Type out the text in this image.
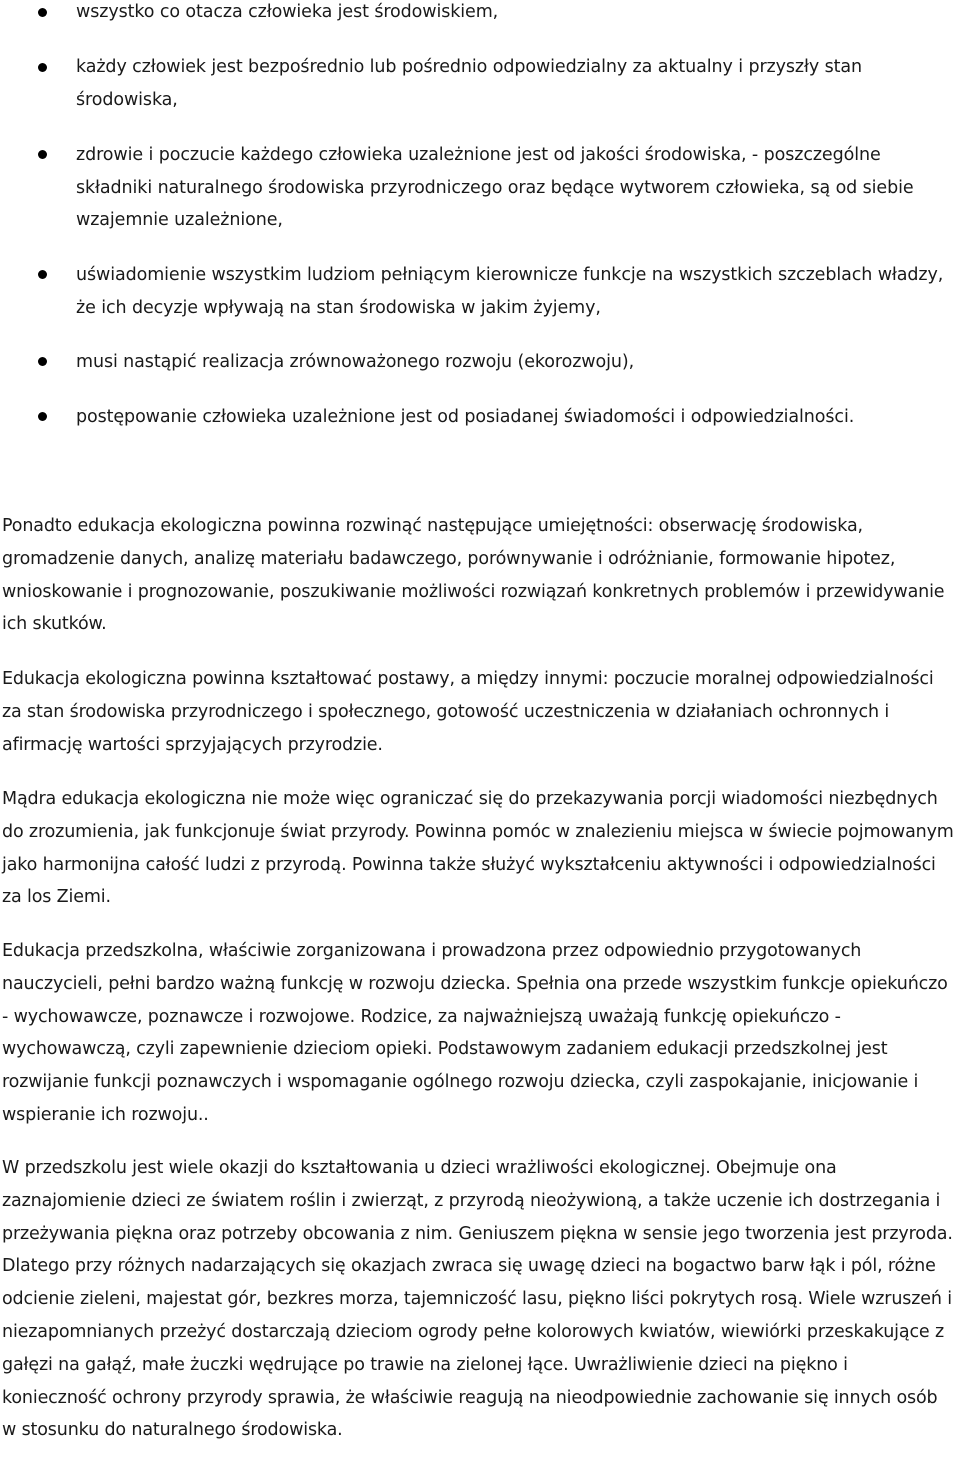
wszystko co otacza człowieka jest środowiskiem,
każdy człowiek jest bezpośrednio lub pośrednio odpowiedzialny za aktualny i przyszły stan środowiska,
zdrowie i poczucie każdego człowieka uzależnione jest od jakości środowiska, - poszczególne składniki naturalnego środowiska przyrodniczego oraz będące wytworem człowieka, są od siebie wzajemnie uzależnione,
uświadomienie wszystkim ludziom pełniącym kierownicze funkcje na wszystkich szczeblach władzy, że ich decyzje wpływają na stan środowiska w jakim żyjemy,
musi nastąpić realizacja zrównoważonego rozwoju (ekorozwoju),
postępowanie człowieka uzależnione jest od posiadanej świadomości i odpowiedzialności.

Ponadto edukacja ekologiczna powinna rozwinąć następujące umiejętności: obserwację środowiska, gromadzenie danych, analizę materiału badawczego, porównywanie i odróżnianie, formowanie hipotez, wnioskowanie i prognozowanie, poszukiwanie możliwości rozwiązań konkretnych problemów i przewidywanie ich skutków.

Edukacja ekologiczna powinna kształtować postawy, a między innymi: poczucie moralnej odpowiedzialności za stan środowiska przyrodniczego i społecznego, gotowość uczestniczenia w działaniach ochronnych i afirmację wartości sprzyjających przyrodzie.

Mądra edukacja ekologiczna nie może więc ograniczać się do przekazywania porcji wiadomości niezbędnych do zrozumienia, jak funkcjonuje świat przyrody. Powinna pomóc w znalezieniu miejsca w świecie pojmowanym jako harmonijna całość ludzi z przyrodą. Powinna także służyć wykształceniu aktywności i odpowiedzialności za los Ziemi.

Edukacja przedszkolna, właściwie zorganizowana i prowadzona przez odpowiednio przygotowanych nauczycieli, pełni bardzo ważną funkcję w rozwoju dziecka. Spełnia ona przede wszystkim funkcje opiekuńczo - wychowawcze, poznawcze i rozwojowe. Rodzice, za najważniejszą uważają funkcję opiekuńczo - wychowawczą, czyli zapewnienie dzieciom opieki. Podstawowym zadaniem edukacji przedszkolnej jest rozwijanie funkcji poznawczych i wspomaganie ogólnego rozwoju dziecka, czyli zaspokajanie, inicjowanie i wspieranie ich rozwoju..

W przedszkolu jest wiele okazji do kształtowania u dzieci wrażliwości ekologicznej. Obejmuje ona zaznajomienie dzieci ze światem roślin i zwierząt, z przyrodą nieożywioną, a także uczenie ich dostrzegania i przeżywania piękna oraz potrzeby obcowania z nim. Geniuszem piękna w sensie jego tworzenia jest przyroda. Dlatego przy różnych nadarzających się okazjach zwraca się uwagę dzieci na bogactwo barw łąk i pól, różne odcienie zieleni, majestat gór, bezkres morza, tajemniczość lasu, piękno liści pokrytych rosą. Wiele wzruszeń i niezapomnianych przeżyć dostarczają dzieciom ogrody pełne kolorowych kwiatów, wiewiórki przeskakujące z gałęzi na gałąź, małe żuczki wędrujące po trawie na zielonej łące. Uwrażliwienie dzieci na piękno i konieczność ochrony przyrody sprawia, że właściwie reagują na nieodpowiednie zachowanie się innych osób w stosunku do naturalnego środowiska.
